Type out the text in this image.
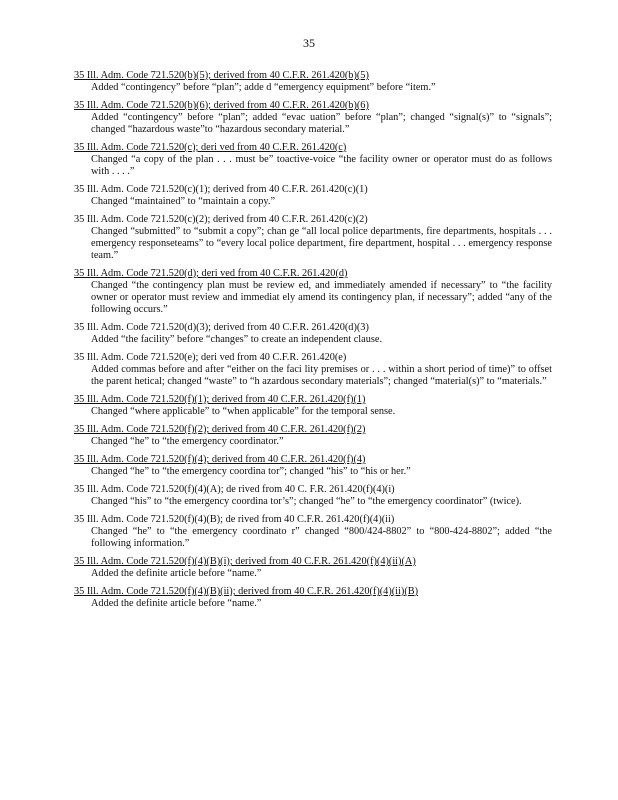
35
35 Ill. Adm. Code 721.520(b)(5); derived from 40 C.F.R. 261.420(b)(5)
Added “contingency” before “plan”; adde d “emergency equipment” before “item.”
35 Ill. Adm. Code 721.520(b)(6); derived from 40 C.F.R. 261.420(b)(6)
Added “contingency” before “plan”; added “evac uation” before “plan”; changed “signal(s)” to “signals”; changed “hazardous waste”to “hazardous secondary material.”
35 Ill. Adm. Code 721.520(c); deri ved from 40 C.F.R. 261.420(c)
Changed “a copy of the plan . . . must be” toactive-voice “the facility owner or operator must do as follows with . . . .”
35 Ill. Adm. Code 721.520(c)(1); derived from 40 C.F.R. 261.420(c)(1)
Changed “maintained” to “maintain a copy.”
35 Ill. Adm. Code 721.520(c)(2); derived from 40 C.F.R. 261.420(c)(2)
Changed “submitted” to “submit a copy”; chan ge “all local police departments, fire departments, hospitals . . . emergency responseteams” to “every local police department, fire department, hospital . . . emergency response team.”
35 Ill. Adm. Code 721.520(d); deri ved from 40 C.F.R. 261.420(d)
Changed “the contingency plan must be review ed, and immediately amended if necessary” to “the facility owner or operator must review and immediat ely amend its contingency plan, if necessary”; added “any of the following occurs.”
35 Ill. Adm. Code 721.520(d)(3); derived from 40 C.F.R. 261.420(d)(3)
Added “the facility” before “changes” to create an independent clause.
35 Ill. Adm. Code 721.520(e); deri ved from 40 C.F.R. 261.420(e)
Added commas before and after “either on the faci lity premises or . . . within a short period of time)” to offset the parent hetical; changed “waste” to “h azardous secondary materials”; changed “material(s)” to “materials.”
35 Ill. Adm. Code 721.520(f)(1); derived from 40 C.F.R. 261.420(f)(1)
Changed “where applicable” to “when applicable” for the temporal sense.
35 Ill. Adm. Code 721.520(f)(2); derived from 40 C.F.R. 261.420(f)(2)
Changed “he” to “the emergency coordinator.”
35 Ill. Adm. Code 721.520(f)(4); derived from 40 C.F.R. 261.420(f)(4)
Changed “he” to “the emergency coordina tor”; changed “his” to “his or her.”
35 Ill. Adm. Code 721.520(f)(4)(A); de rived from 40 C. F.R. 261.420(f)(4)(i)
Changed “his” to “the emergency coordina tor’s”; changed “he” to “the emergency coordinator” (twice).
35 Ill. Adm. Code 721.520(f)(4)(B); de rived from 40 C.F.R. 261.420(f)(4)(ii)
Changed “he” to “the emergency coordinato r” changed “800/424-8802” to “800-424-8802”; added “the following information.”
35 Ill. Adm. Code 721.520(f)(4)(B)(i); derived from 40 C.F.R. 261.420(f)(4)(ii)(A)
Added the definite article before “name.”
35 Ill. Adm. Code 721.520(f)(4)(B)(ii); derived from 40 C.F.R. 261.420(f)(4)(ii)(B)
Added the definite article before “name.”
